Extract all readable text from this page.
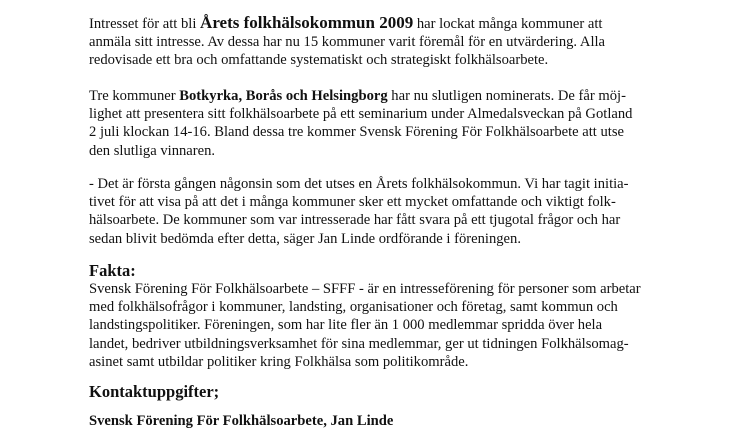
Intresset för att bli Årets folkhälsokommun 2009 har lockat många kommuner att
anmäla sitt intresse. Av dessa har nu 15 kommuner varit föremål för en utvärdering. Alla
redovisade ett bra och omfattande systematiskt och strategiskt folkhälsoarbete.

Tre kommuner Botkyrka, Borås och Helsingborg har nu slutligen nominerats. De får möj-
lighet att presentera sitt folkhälsoarbete på ett seminarium under Almedalsveckan på Gotland
2 juli klockan 14-16. Bland dessa tre kommer Svensk Förening För Folkhälsoarbete att utse
den slutliga vinnaren.

- Det är första gången någonsin som det utses en Årets folkhälsokommun. Vi har tagit initia-
tivet för att visa på att det i många kommuner sker ett mycket omfattande och viktigt folk-
hälsoarbete. De kommuner som var intresserade har fått svara på ett tjugotal frågor och har
sedan blivit bedömda efter detta, säger Jan Linde ordförande i föreningen.

Fakta:

Svensk Förening För Folkhälsoarbete – SFFF - är en intresseförening för personer som arbetar
med folkhälsofrågor i kommuner, landsting, organisationer och företag, samt kommun och
landstingspolitiker. Föreningen, som har lite fler än 1 000 medlemmar spridda över hela
landet, bedriver utbildningsverksamhet för sina medlemmar, ger ut tidningen Folkhälsomag-
asinet samt utbildar politiker kring Folkhälsa som politikområde.

Kontaktuppgifter;
Svensk Förening För Folkhälsoarbete, Jan Linde
